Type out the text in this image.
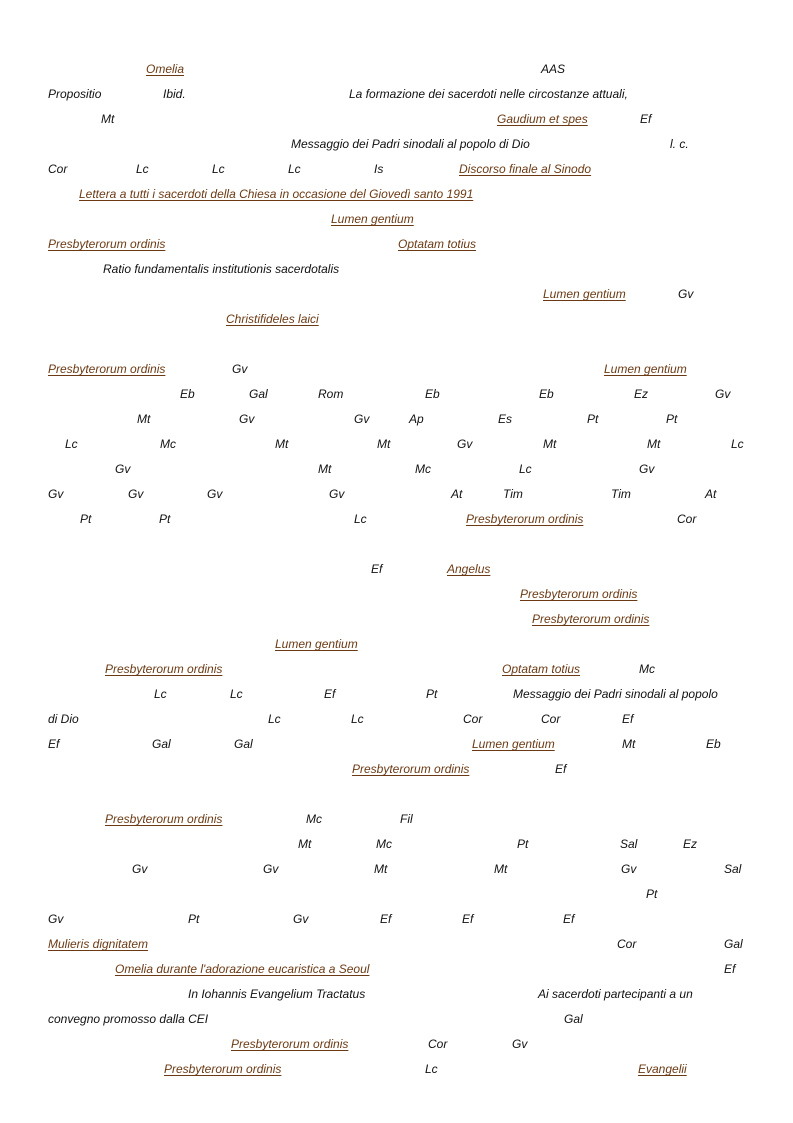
Omelia	AAS
Propositio	Ibid.	La formazione dei sacerdoti nelle circostanze attuali,
Mt	Gaudium et spes	Ef
Messaggio dei Padri sinodali al popolo di Dio	l. c.
Cor	Lc	Lc	Lc	Is	Discorso finale al Sinodo
Lettera a tutti i sacerdoti della Chiesa in occasione del Giovedì santo 1991
Lumen gentium
Presbyterorum ordinis	Optatam totius
Ratio fundamentalis institutionis sacerdotalis
Lumen gentium	Gv
Christifideles laici
Presbyterorum ordinis	Gv	Lumen gentium
Eb	Gal	Rom	Eb	Eb	Ez	Gv
Mt	Gv	Gv	Ap	Es	Pt	Pt
Lc	Mc	Mt	Mt	Gv	Mt	Mt	Lc
Gv	Mt	Mc	Lc	Gv
Gv	Gv	Gv	Gv	At	Tim	Tim	At
Pt	Pt	Lc	Presbyterorum ordinis	Cor
Ef	Angelus
Presbyterorum ordinis
Presbyterorum ordinis
Lumen gentium
Presbyterorum ordinis	Optatam totius	Mc
Lc	Lc	Ef	Pt	Messaggio dei Padri sinodali al popolo
di Dio	Lc	Lc	Cor	Cor	Ef
Ef	Gal	Gal	Lumen gentium	Mt	Eb
Presbyterorum ordinis	Ef
Presbyterorum ordinis	Mc	Fil
Mt	Mc	Pt	Sal	Ez
Gv	Gv	Mt	Mt	Gv	Sal
Pt
Gv	Pt	Gv	Ef	Ef	Ef
Mulieris dignitatem	Cor	Gal
Omelia durante l'adorazione eucaristica a Seoul	Ef
In Iohannis Evangelium Tractatus	Ai sacerdoti partecipanti a un
convegno promosso dalla CEI	Gal
Presbyterorum ordinis	Cor	Gv
Presbyterorum ordinis	Lc	Evangelii
